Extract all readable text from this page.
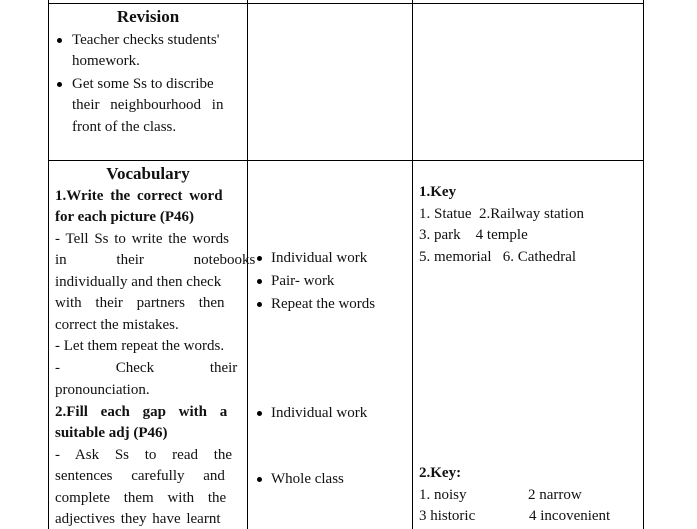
Revision
Teacher checks students'
homework.
Get some Ss to discribe
their neighbourhood in
front of the class.
Vocabulary
1.Write the correct word
for each picture (P46)
- Tell Ss to write the words
in their notebooks
individually and then check
with their partners then
correct the mistakes.
- Let them repeat the words.
- Check their
pronounciation.
2.Fill each gap with a
suitable adj (P46)
- Ask Ss to read the
sentences carefully and
complete them with the
adjectives they have learnt
Individual work
Pair- work
Repeat the words
Individual work
Whole class
1.Key
1. Statue  2.Railway station
3. park    4 temple
5. memorial   6. Cathedral
2.Key:
1. noisy	2 narrow
3 historic	4 incovenient
